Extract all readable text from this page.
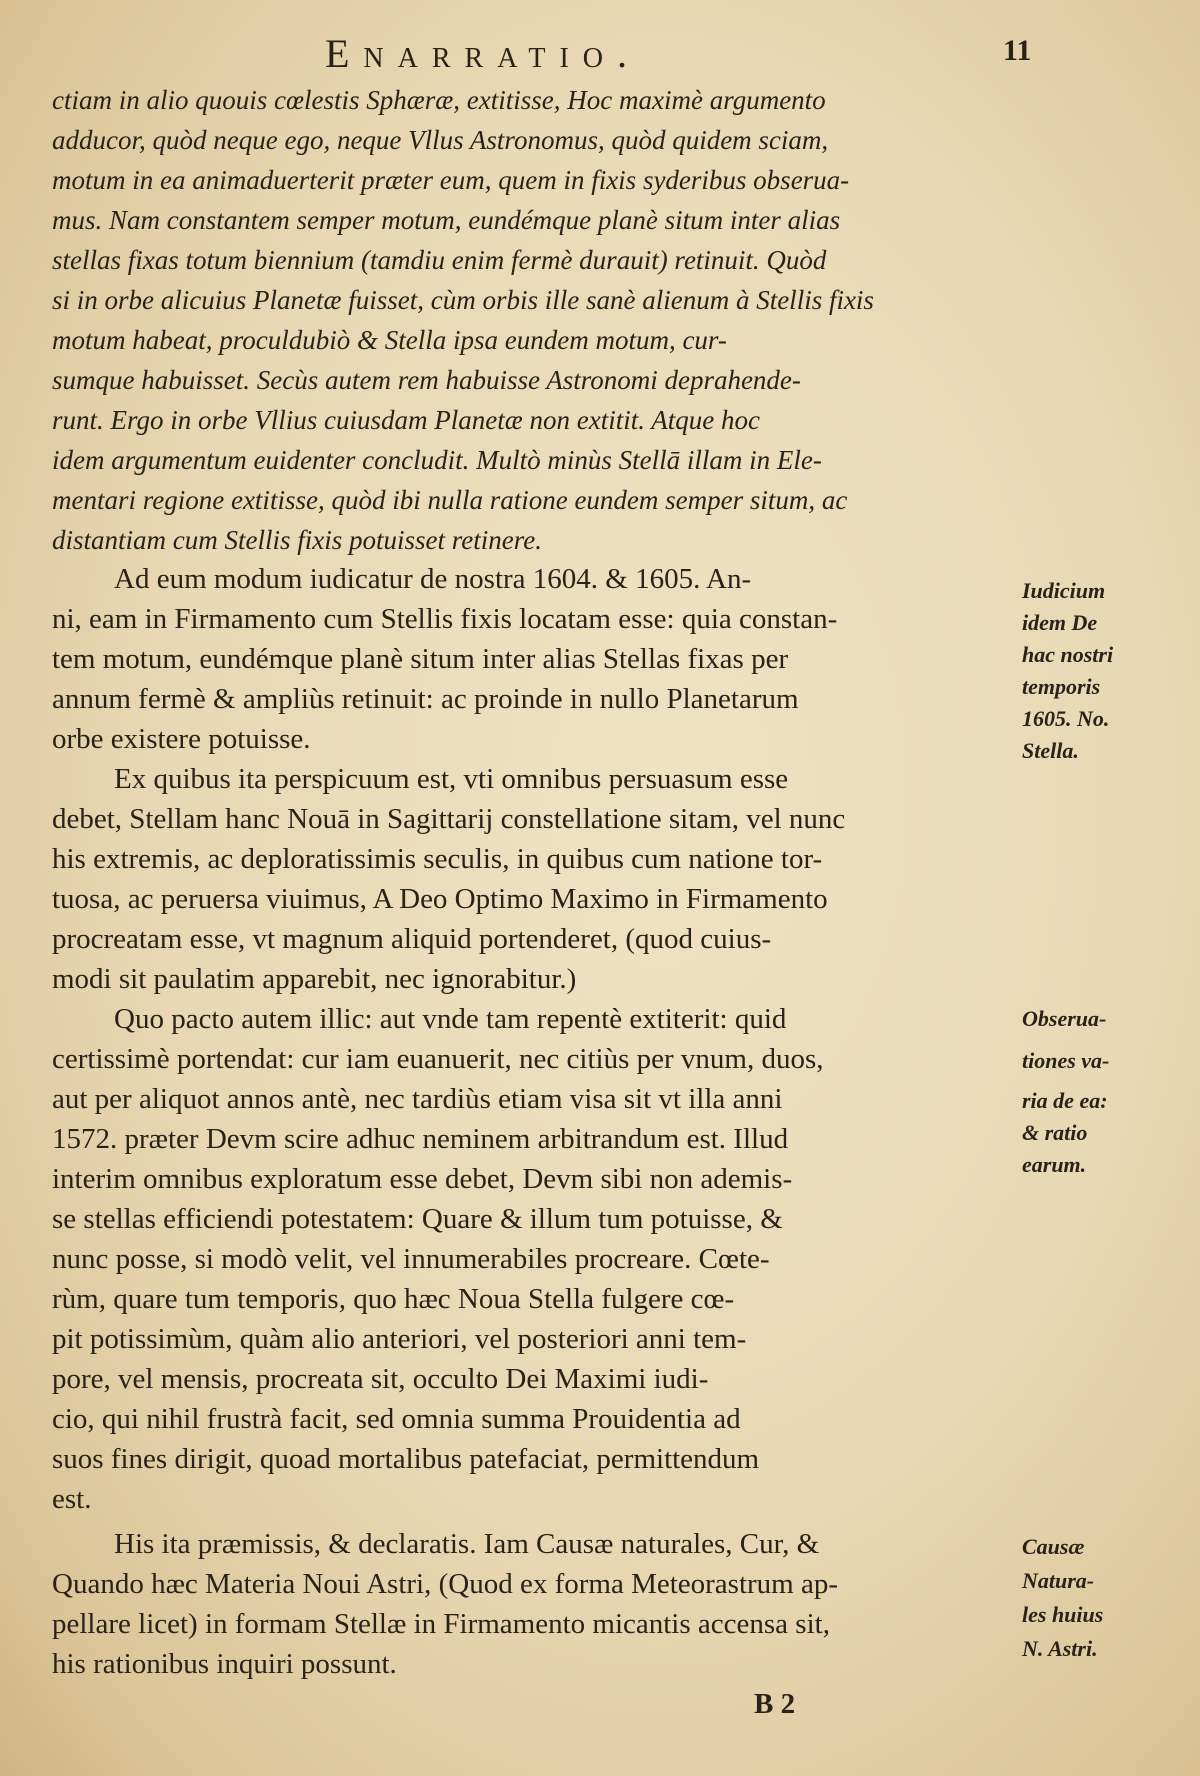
Enarratio.	11
ctiam in alio quouis cœlestis Sphæræ, extitisse, Hoc maximè argumento
adducor, quòd neque ego, neque Vllus Astronomus, quòd quidem sciam,
motum in ea animaduerterit præter eum, quem in fixis syderibus obserua-
mus. Nam constantem semper motum, eundémque planè situm inter alias
stellas fixas totum biennium (tamdiu enim fermè durauit) retinuit. Quòd
si in orbe alicuius Planetæ fuisset, cùm orbis ille sanè alienum à Stellis fixis
motum habeat, proculdubiò & Stella ipsa eundem motum, cur-
sumque habuisset. Secùs autem rem habuisse Astronomi deprahende-
runt. Ergo in orbe Vllius cuiusdam Planetæ non extitit. Atque hoc
idem argumentum euidenter concludit. Multò minùs Stellā illam in Ele-
mentari regione extitisse, quòd ibi nulla ratione eundem semper situm, ac
distantiam cum Stellis fixis potuisset retinere.
Ad eum modum iudicatur de nostra 1604. & 1605. An-
ni, eam in Firmamento cum Stellis fixis locatam esse: quia constan-
tem motum, eundémque planè situm inter alias Stellas fixas per
annum fermè & ampliùs retinuit: ac proinde in nullo Planetarum
orbe existere potuisse.
Ex quibus ita perspicuum est, vti omnibus persuasum esse
debet, Stellam hanc Nouā in Sagittarij constellatione sitam, vel nunc
his extremis, ac deploratissimis seculis, in quibus cum natione tor-
tuosa, ac peruersa viuimus, A Deo Optimo Maximo in Firmamento
procreatam esse, vt magnum aliquid portenderet, (quod cuius-
modi sit paulatim apparebit, nec ignorabitur.)
Quo pacto autem illic: aut vnde tam repentè extiterit: quid
certissimè portendat: cur iam euanuerit, nec citiùs per vnum, duos,
aut per aliquot annos antè, nec tardiùs etiam visa sit vt illa anni
1572. præter Devm scire adhuc neminem arbitrandum est. Illud
interim omnibus exploratum esse debet, Devm sibi non ademis-
se stellas efficiendi potestatem: Quare & illum tum potuisse, &
nunc posse, si modò velit, vel innumerabiles procreare. Cœte-
rùm, quare tum temporis, quo hæc Noua Stella fulgere cœ-
pit potissimùm, quàm alio anteriori, vel posteriori anni tem-
pore, vel mensis, procreata sit, occulto Dei Maximi iudi-
cio, qui nihil frustrà facit, sed omnia summa Prouidentia ad
suos fines dirigit, quoad mortalibus patefaciat, permittendum
est.
His ita præmissis, & declaratis. Iam Causæ naturales, Cur, &
Quando hæc Materia Noui Astri, (Quod ex forma Meteorastrum ap-
pellare licet) in formam Stellæ in Firmamento micantis accensa sit,
his rationibus inquiri possunt.
Iudicium
idem De
hac nostri
temporis
1605. No.
Stella.
Obserua-
tiones va-
ria de ea:
& ratio
earum.
Causæ
Natura-
les huius
N. Astri.
B 2
